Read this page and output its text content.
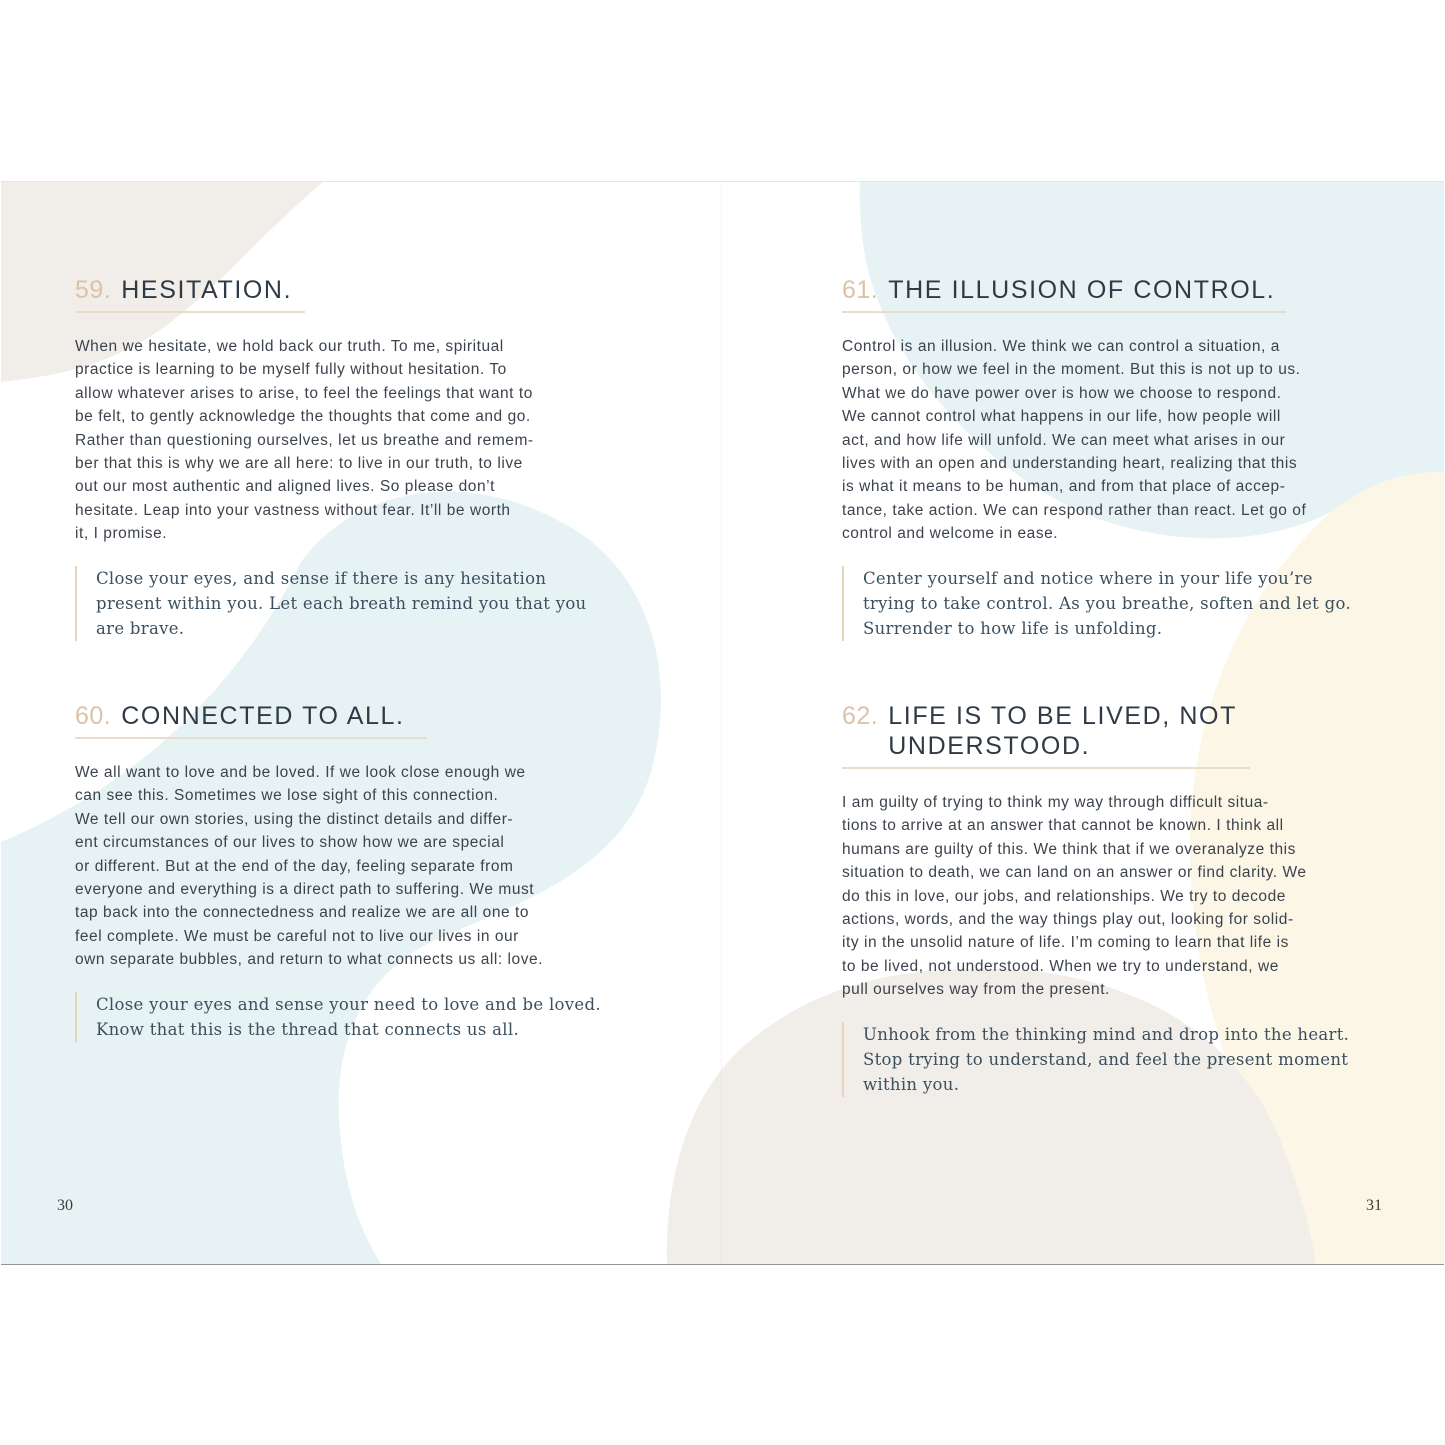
59. HESITATION.
When we hesitate, we hold back our truth. To me, spiritual
practice is learning to be myself fully without hesitation. To
allow whatever arises to arise, to feel the feelings that want to
be felt, to gently acknowledge the thoughts that come and go.
Rather than questioning ourselves, let us breathe and remem-
ber that this is why we are all here: to live in our truth, to live
out our most authentic and aligned lives. So please don’t
hesitate. Leap into your vastness without fear. It’ll be worth
it, I promise.
Close your eyes, and sense if there is any hesitation
present within you. Let each breath remind you that you
are brave.
60. CONNECTED TO ALL.
We all want to love and be loved. If we look close enough we
can see this. Sometimes we lose sight of this connection.
We tell our own stories, using the distinct details and differ-
ent circumstances of our lives to show how we are special
or different. But at the end of the day, feeling separate from
everyone and everything is a direct path to suffering. We must
tap back into the connectedness and realize we are all one to
feel complete. We must be careful not to live our lives in our
own separate bubbles, and return to what connects us all: love.
Close your eyes and sense your need to love and be loved.
Know that this is the thread that connects us all.
30
61. THE ILLUSION OF CONTROL.
Control is an illusion. We think we can control a situation, a
person, or how we feel in the moment. But this is not up to us.
What we do have power over is how we choose to respond.
We cannot control what happens in our life, how people will
act, and how life will unfold. We can meet what arises in our
lives with an open and understanding heart, realizing that this
is what it means to be human, and from that place of accep-
tance, take action. We can respond rather than react. Let go of
control and welcome in ease.
Center yourself and notice where in your life you’re
trying to take control. As you breathe, soften and let go.
Surrender to how life is unfolding.
62. LIFE IS TO BE LIVED, NOT
UNDERSTOOD.
I am guilty of trying to think my way through difficult situa-
tions to arrive at an answer that cannot be known. I think all
humans are guilty of this. We think that if we overanalyze this
situation to death, we can land on an answer or find clarity. We
do this in love, our jobs, and relationships. We try to decode
actions, words, and the way things play out, looking for solid-
ity in the unsolid nature of life. I’m coming to learn that life is
to be lived, not understood. When we try to understand, we
pull ourselves way from the present.
Unhook from the thinking mind and drop into the heart.
Stop trying to understand, and feel the present moment
within you.
31
